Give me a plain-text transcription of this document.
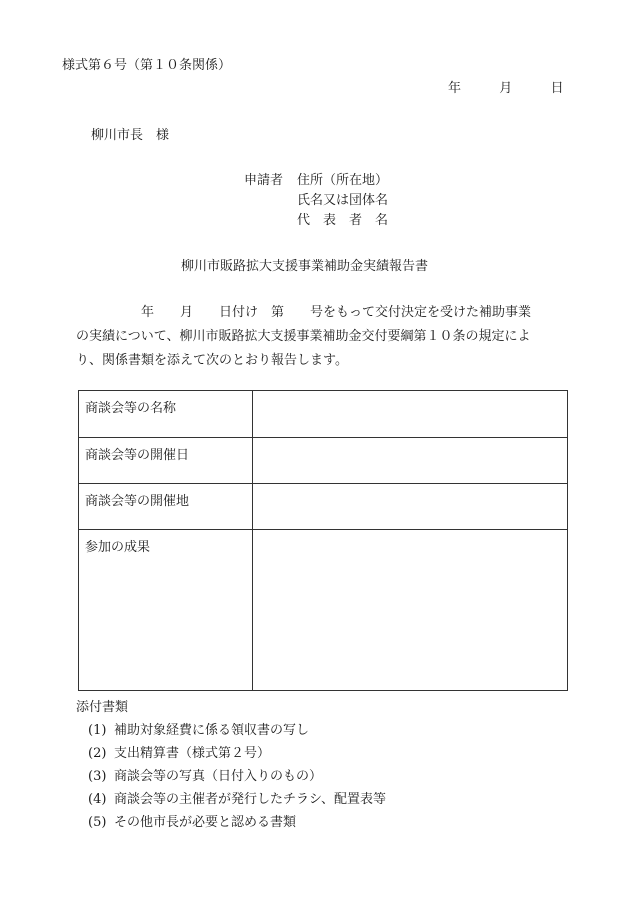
様式第６号（第１０条関係）
年	月	日
柳川市長　様
申請者 住所（所在地）
氏名又は団体名
代　表　者　名
柳川市販路拡大支援事業補助金実績報告書
　　　　　年　　月　　日付け　第　　号をもって交付決定を受けた補助事業
の実績について、柳川市販路拡大支援事業補助金交付要綱第１０条の規定によ
り、関係書類を添えて次のとおり報告します。
商談会等の名称	
商談会等の開催日	
商談会等の開催地	
参加の成果	
添付書類
(1) 補助対象経費に係る領収書の写し
(2) 支出精算書（様式第２号）
(3) 商談会等の写真（日付入りのもの）
(4) 商談会等の主催者が発行したチラシ、配置表等
(5) その他市長が必要と認める書類
